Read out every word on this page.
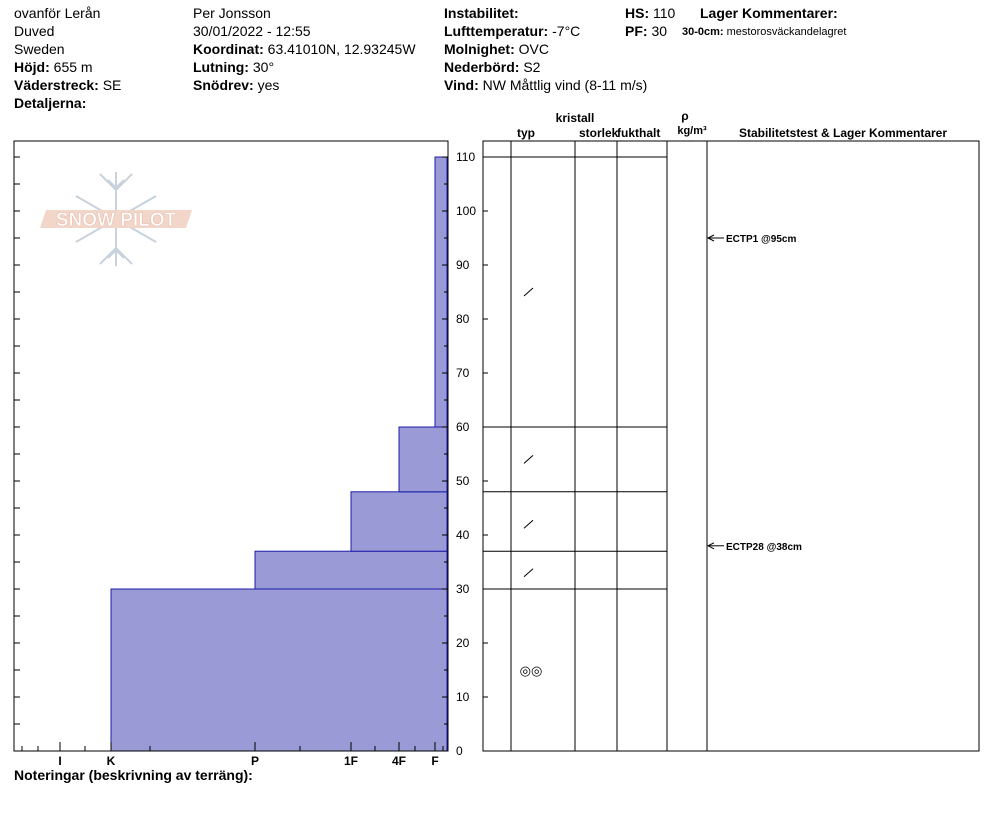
ovanför Lerån
Duved
Sweden
Höjd: 655 m
Väderstreck: SE
Detaljerna:
Per Jonsson
30/01/2022 - 12:55
Koordinat: 63.41010N, 12.93245W
Lutning: 30°
Snödrev: yes
Instabilitet:
Lufttemperatur: -7°C
Molnighet: OVC
Nederbörd: S2
Vind: NW Måttlig vind (8-11 m/s)
HS: 110
PF: 30
Lager Kommentarer:
30-0cm: mestorosväckandelagret
SNOW PILOT
I	K	P	1F	4F F
0
10
20
30
40
50
60
70
80
90
100
110
◎◎
ECTP1 @95cm
ECTP28 @38cm
kristall
typ	storlek
fukthalt
ρ
kg/m³	Stabilitetstest & Lager Kommentarer
Noteringar (beskrivning av terräng):
